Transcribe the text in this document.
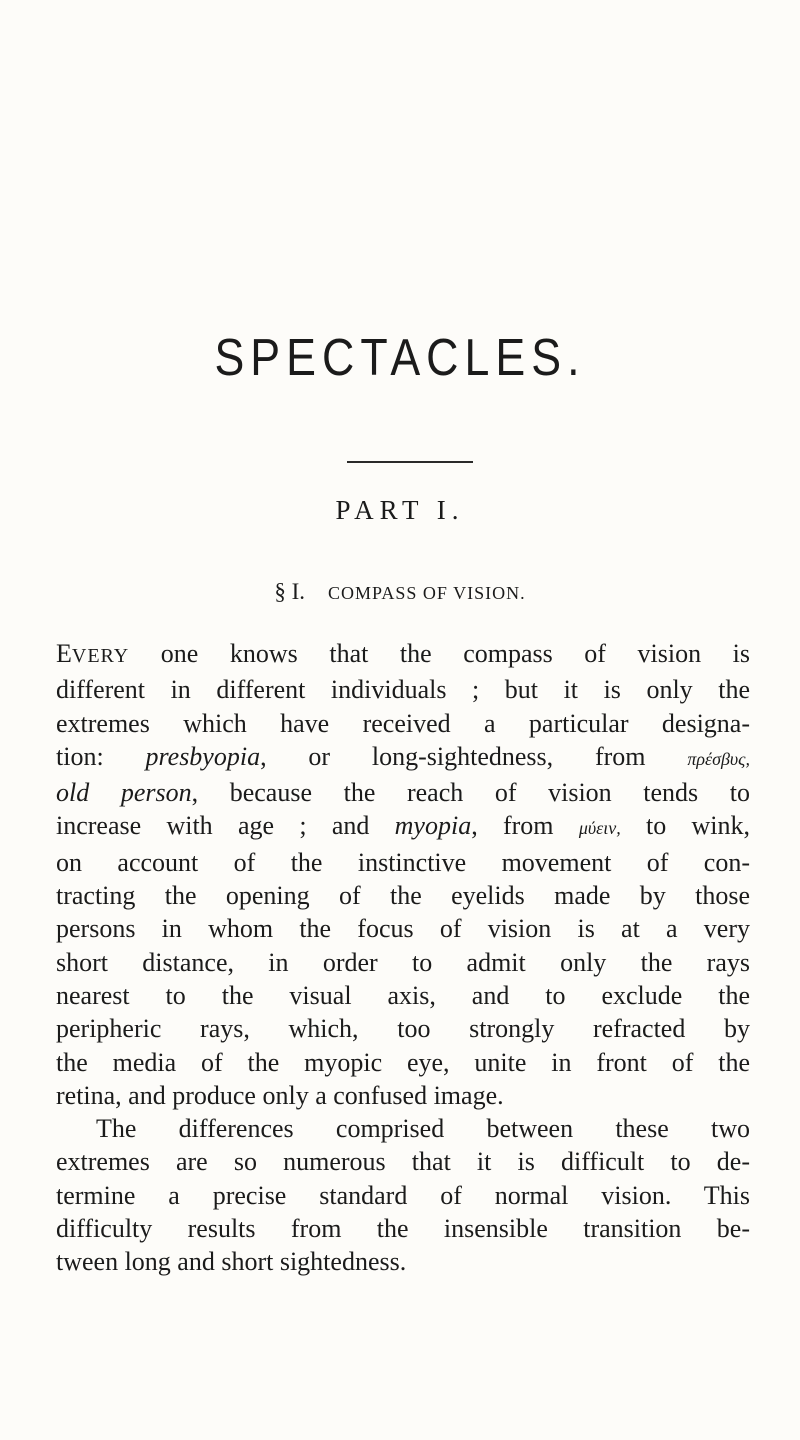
SPECTACLES.
PART I.
§ I. COMPASS OF VISION.

EVERY one knows that the compass of vision is
different in different individuals ; but it is only the
extremes which have received a particular designa-
tion: presbyopia, or long-sightedness, from πρέσβυς,
old person, because the reach of vision tends to
increase with age ; and myopia, from μύειν, to wink,
on account of the instinctive movement of con-
tracting the opening of the eyelids made by those
persons in whom the focus of vision is at a very
short distance, in order to admit only the rays
nearest to the visual axis, and to exclude the
peripheric rays, which, too strongly refracted by
the media of the myopic eye, unite in front of the
retina, and produce only a confused image.

The differences comprised between these two
extremes are so numerous that it is difficult to de-
termine a precise standard of normal vision. This
difficulty results from the insensible transition be-
tween long and short sightedness.
